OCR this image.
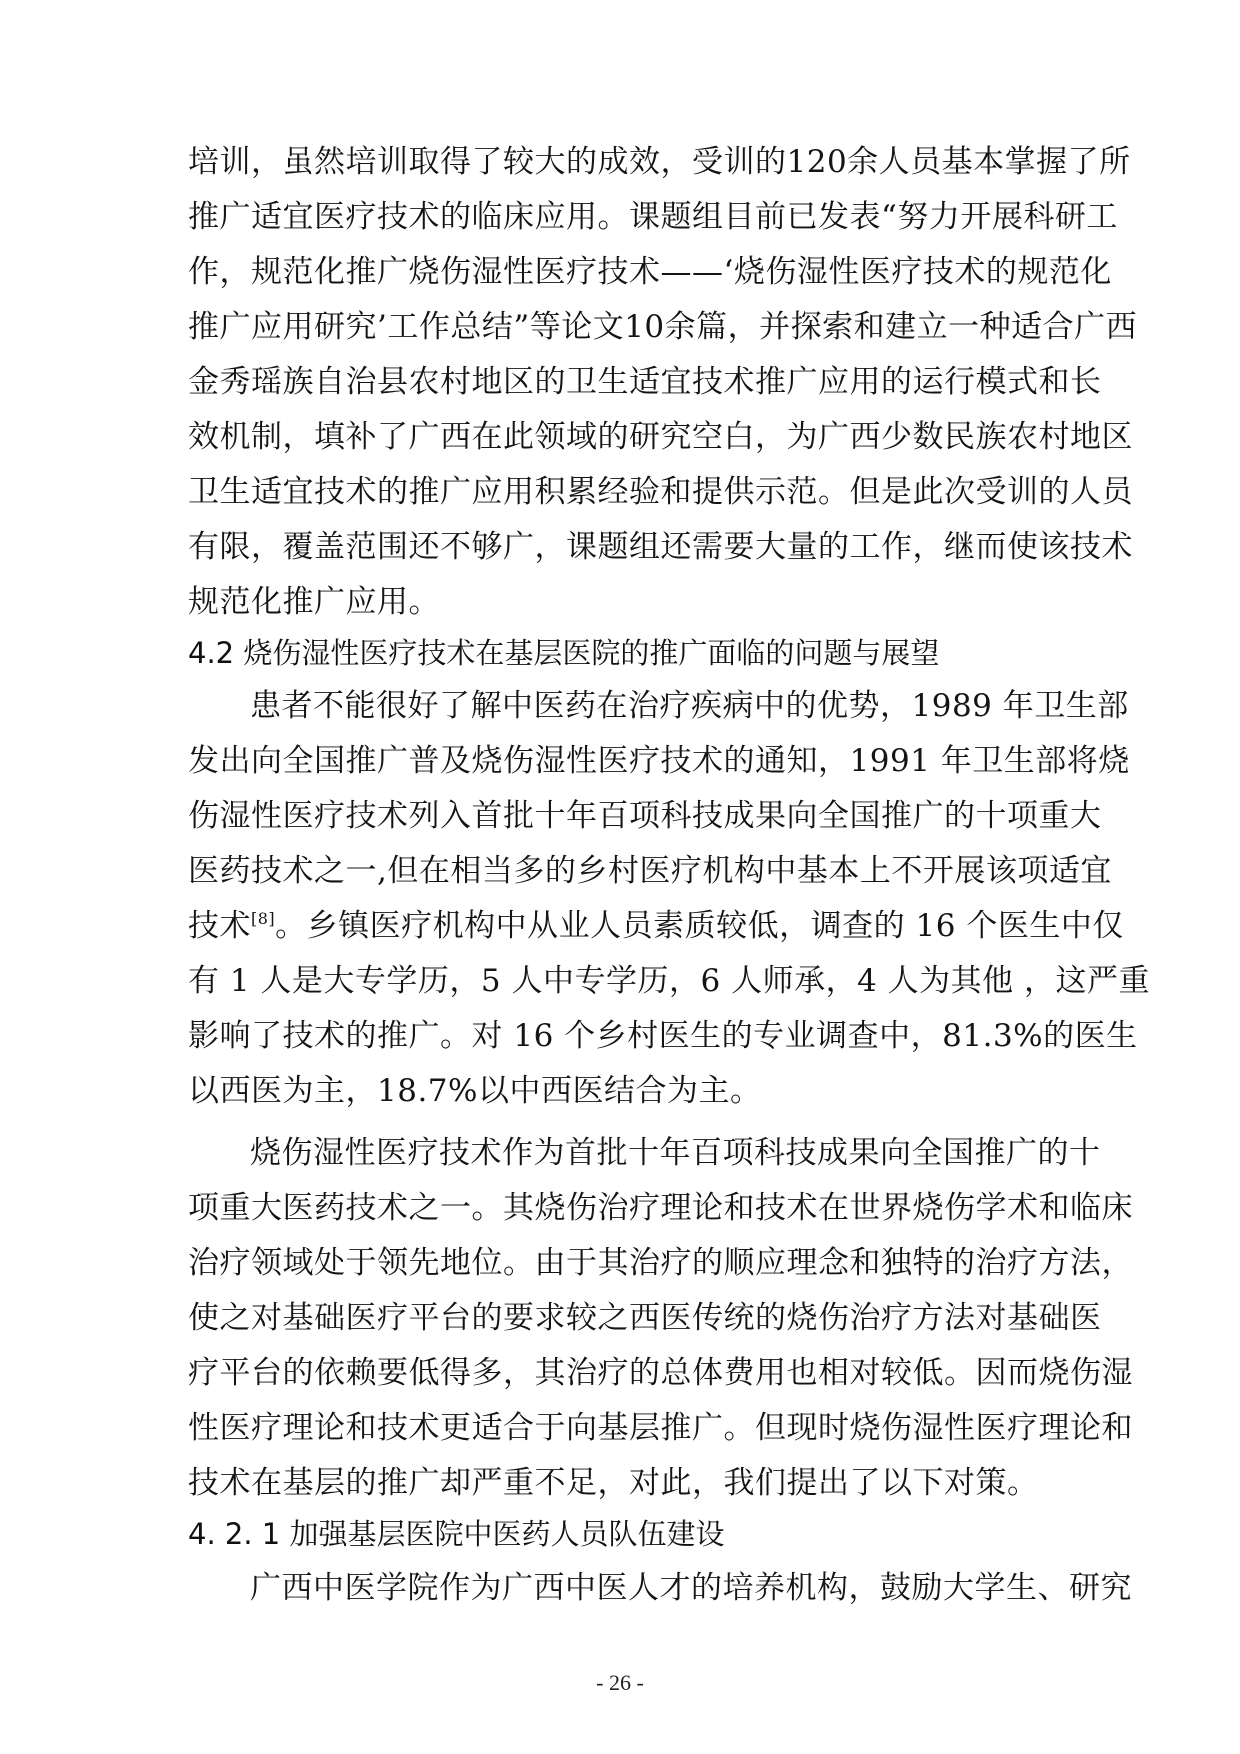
培训，虽然培训取得了较大的成效，受训的120余人员基本掌握了所
推广适宜医疗技术的临床应用。课题组目前已发表“努力开展科研工
作，规范化推广烧伤湿性医疗技术——‘烧伤湿性医疗技术的规范化
推广应用研究’工作总结”等论文10余篇，并探索和建立一种适合广西
金秀瑶族自治县农村地区的卫生适宜技术推广应用的运行模式和长
效机制，填补了广西在此领域的研究空白，为广西少数民族农村地区
卫生适宜技术的推广应用积累经验和提供示范。但是此次受训的人员
有限，覆盖范围还不够广，课题组还需要大量的工作，继而使该技术
规范化推广应用。
4.2 烧伤湿性医疗技术在基层医院的推广面临的问题与展望
患者不能很好了解中医药在治疗疾病中的优势，1989 年卫生部
发出向全国推广普及烧伤湿性医疗技术的通知，1991 年卫生部将烧
伤湿性医疗技术列入首批十年百项科技成果向全国推广的十项重大
医药技术之一,但在相当多的乡村医疗机构中基本上不开展该项适宜
技术[8]。乡镇医疗机构中从业人员素质较低，调查的 16 个医生中仅
有 1 人是大专学历，5 人中专学历，6 人师承，4 人为其他 ，这严重
影响了技术的推广。对 16 个乡村医生的专业调查中，81.3%的医生
以西医为主，18.7%以中西医结合为主。
烧伤湿性医疗技术作为首批十年百项科技成果向全国推广的十
项重大医药技术之一。其烧伤治疗理论和技术在世界烧伤学术和临床
治疗领域处于领先地位。由于其治疗的顺应理念和独特的治疗方法，
使之对基础医疗平台的要求较之西医传统的烧伤治疗方法对基础医
疗平台的依赖要低得多，其治疗的总体费用也相对较低。因而烧伤湿
性医疗理论和技术更适合于向基层推广。但现时烧伤湿性医疗理论和
技术在基层的推广却严重不足，对此，我们提出了以下对策。
4. 2. 1 加强基层医院中医药人员队伍建设
广西中医学院作为广西中医人才的培养机构，鼓励大学生、研究
- 26 -
